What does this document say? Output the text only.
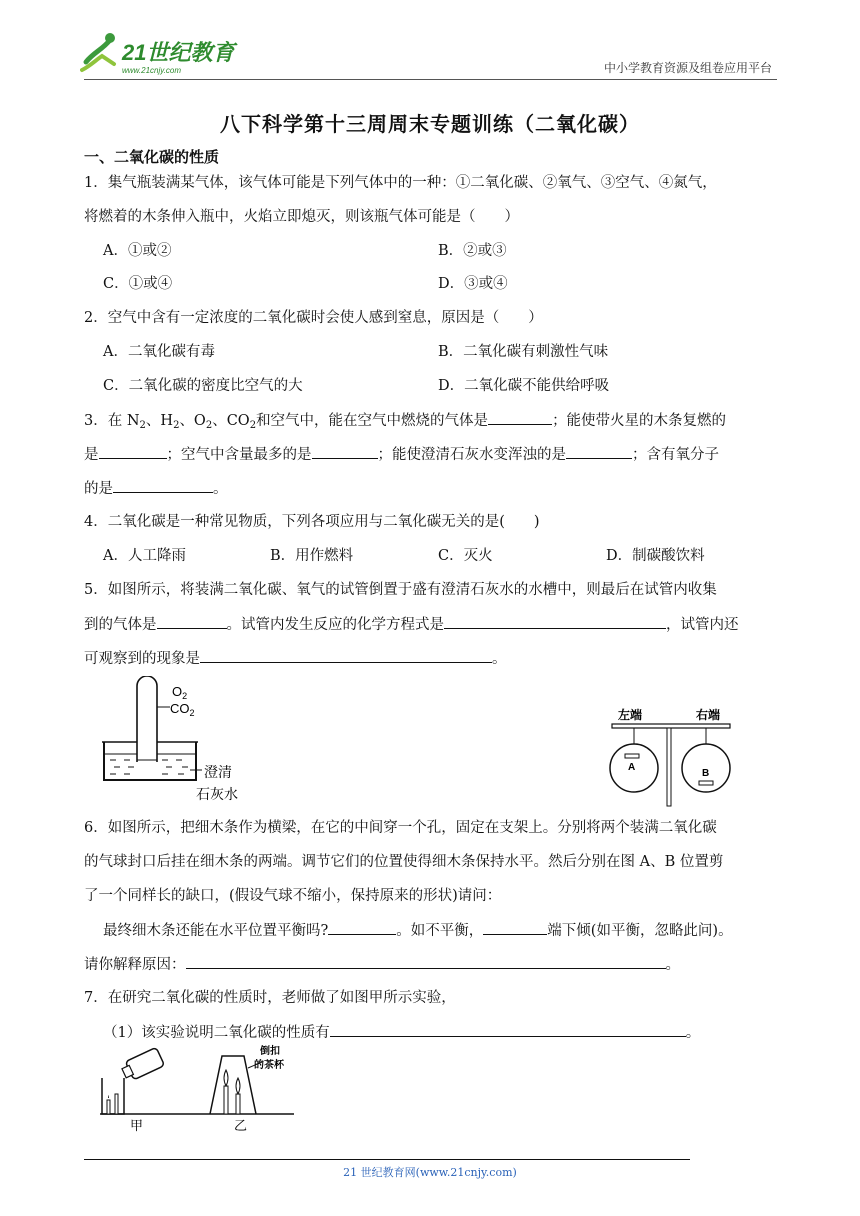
21世纪教育
www.21cnjy.com	中小学教育资源及组卷应用平台
八下科学第十三周周末专题训练（二氧化碳）
一、二氧化碳的性质
1．集气瓶装满某气体，该气体可能是下列气体中的一种：①二氧化碳、②氧气、③空气、④氮气，
将燃着的木条伸入瓶中，火焰立即熄灭，则该瓶气体可能是（　　）
A．①或②	B．②或③
C．①或④	D．③或④
2．空气中含有一定浓度的二氧化碳时会使人感到窒息，原因是（　　）
A．二氧化碳有毒	B．二氧化碳有刺激性气味
C．二氧化碳的密度比空气的大	D．二氧化碳不能供给呼吸
3．在 $N_2$、$H_2$、$O_2$、$CO_2$和空气中，能在空气中燃烧的气体是	；能使带火星的木条复燃的
是	；空气中含量最多的是	；能使澄清石灰水变浑浊的是	；含有氧分子
的是	。
4．二氧化碳是一种常见物质，下列各项应用与二氧化碳无关的是(　　)
A．人工降雨	B．用作燃料	C．灭火	D．制碳酸饮料
5．如图所示，将装满二氧化碳、氧气的试管倒置于盛有澄清石灰水的水槽中，则最后在试管内收集
到的气体是	。试管内发生反应的化学方程式是	，试管内还
可观察到的现象是	。
$O_2$
$CO_2$
澄清
石灰水
左端	右端
A
B
6．如图所示，把细木条作为横梁，在它的中间穿一个孔，固定在支架上。分别将两个装满二氧化碳
的气球封口后挂在细木条的两端。调节它们的位置使得细木条保持水平。然后分别在图 A、B 位置剪
了一个同样长的缺口，(假设气球不缩小，保持原来的形状)请问：
最终细木条还能在水平位置平衡吗?	。如不平衡，	端下倾(如平衡，忽略此问)。
请你解释原因：	。
7．在研究二氧化碳的性质时，老师做了如图甲所示实验，
（1）该实验说明二氧化碳的性质有	。
倒扣
的茶杯
甲	乙
21 世纪教育网(www.21cnjy.com)
